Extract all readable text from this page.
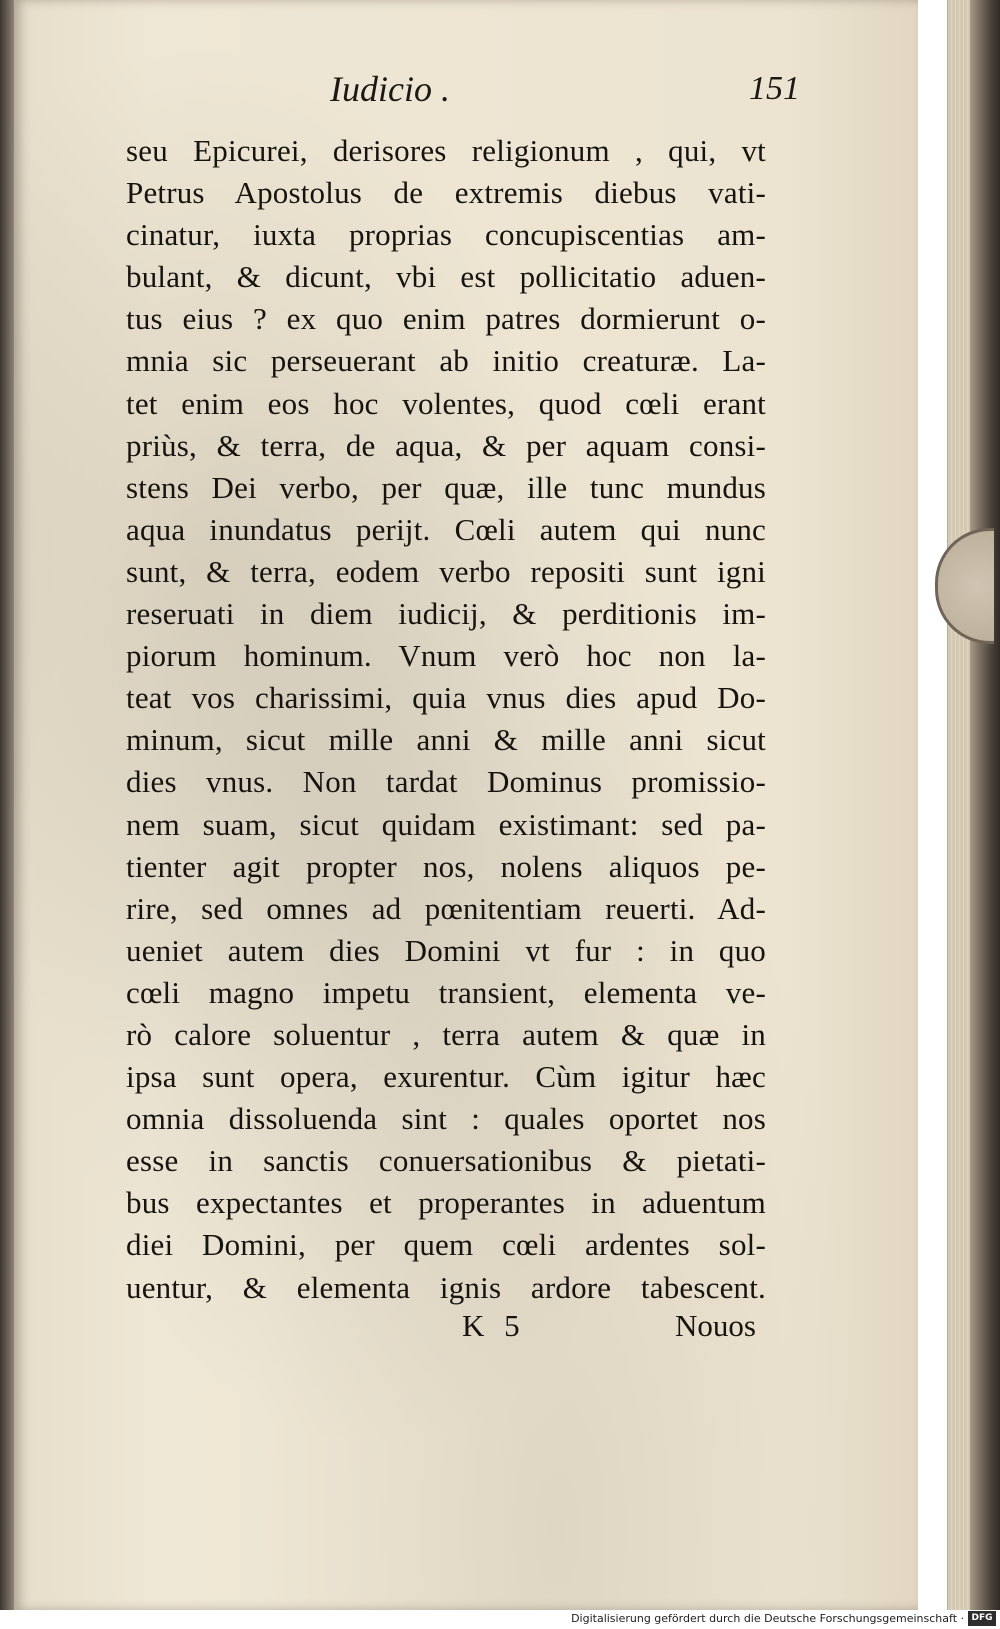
Iudicio .	151
seu Epicurei, derisores religionum , qui, vt
Petrus Apostolus de extremis diebus vati-
cinatur, iuxta proprias concupiscentias am-
bulant, & dicunt, vbi est pollicitatio aduen-
tus eius ? ex quo enim patres dormierunt o-
mnia sic perseuerant ab initio creaturæ. La-
tet enim eos hoc volentes, quod cœli erant
priùs, & terra, de aqua, & per aquam consi-
stens Dei verbo, per quæ, ille tunc mundus
aqua inundatus perijt. Cœli autem qui nunc
sunt, & terra, eodem verbo repositi sunt igni
reseruati in diem iudicij, & perditionis im-
piorum hominum. Vnum verò hoc non la-
teat vos charissimi, quia vnus dies apud Do-
minum, sicut mille anni & mille anni sicut
dies vnus. Non tardat Dominus promissio-
nem suam, sicut quidam existimant: sed pa-
tienter agit propter nos, nolens aliquos pe-
rire, sed omnes ad pœnitentiam reuerti. Ad-
ueniet autem dies Domini vt fur : in quo
cœli magno impetu transient, elementa ve-
rò calore soluentur , terra autem & quæ in
ipsa sunt opera, exurentur. Cùm igitur hæc
omnia dissoluenda sint : quales oportet nos
esse in sanctis conuersationibus & pietati-
bus expectantes et properantes in aduentum
diei Domini, per quem cœli ardentes sol-
uentur, & elementa ignis ardore tabescent.
K 5	Nouos
Digitalisierung gefördert durch die Deutsche Forschungsgemeinschaft · DFG
